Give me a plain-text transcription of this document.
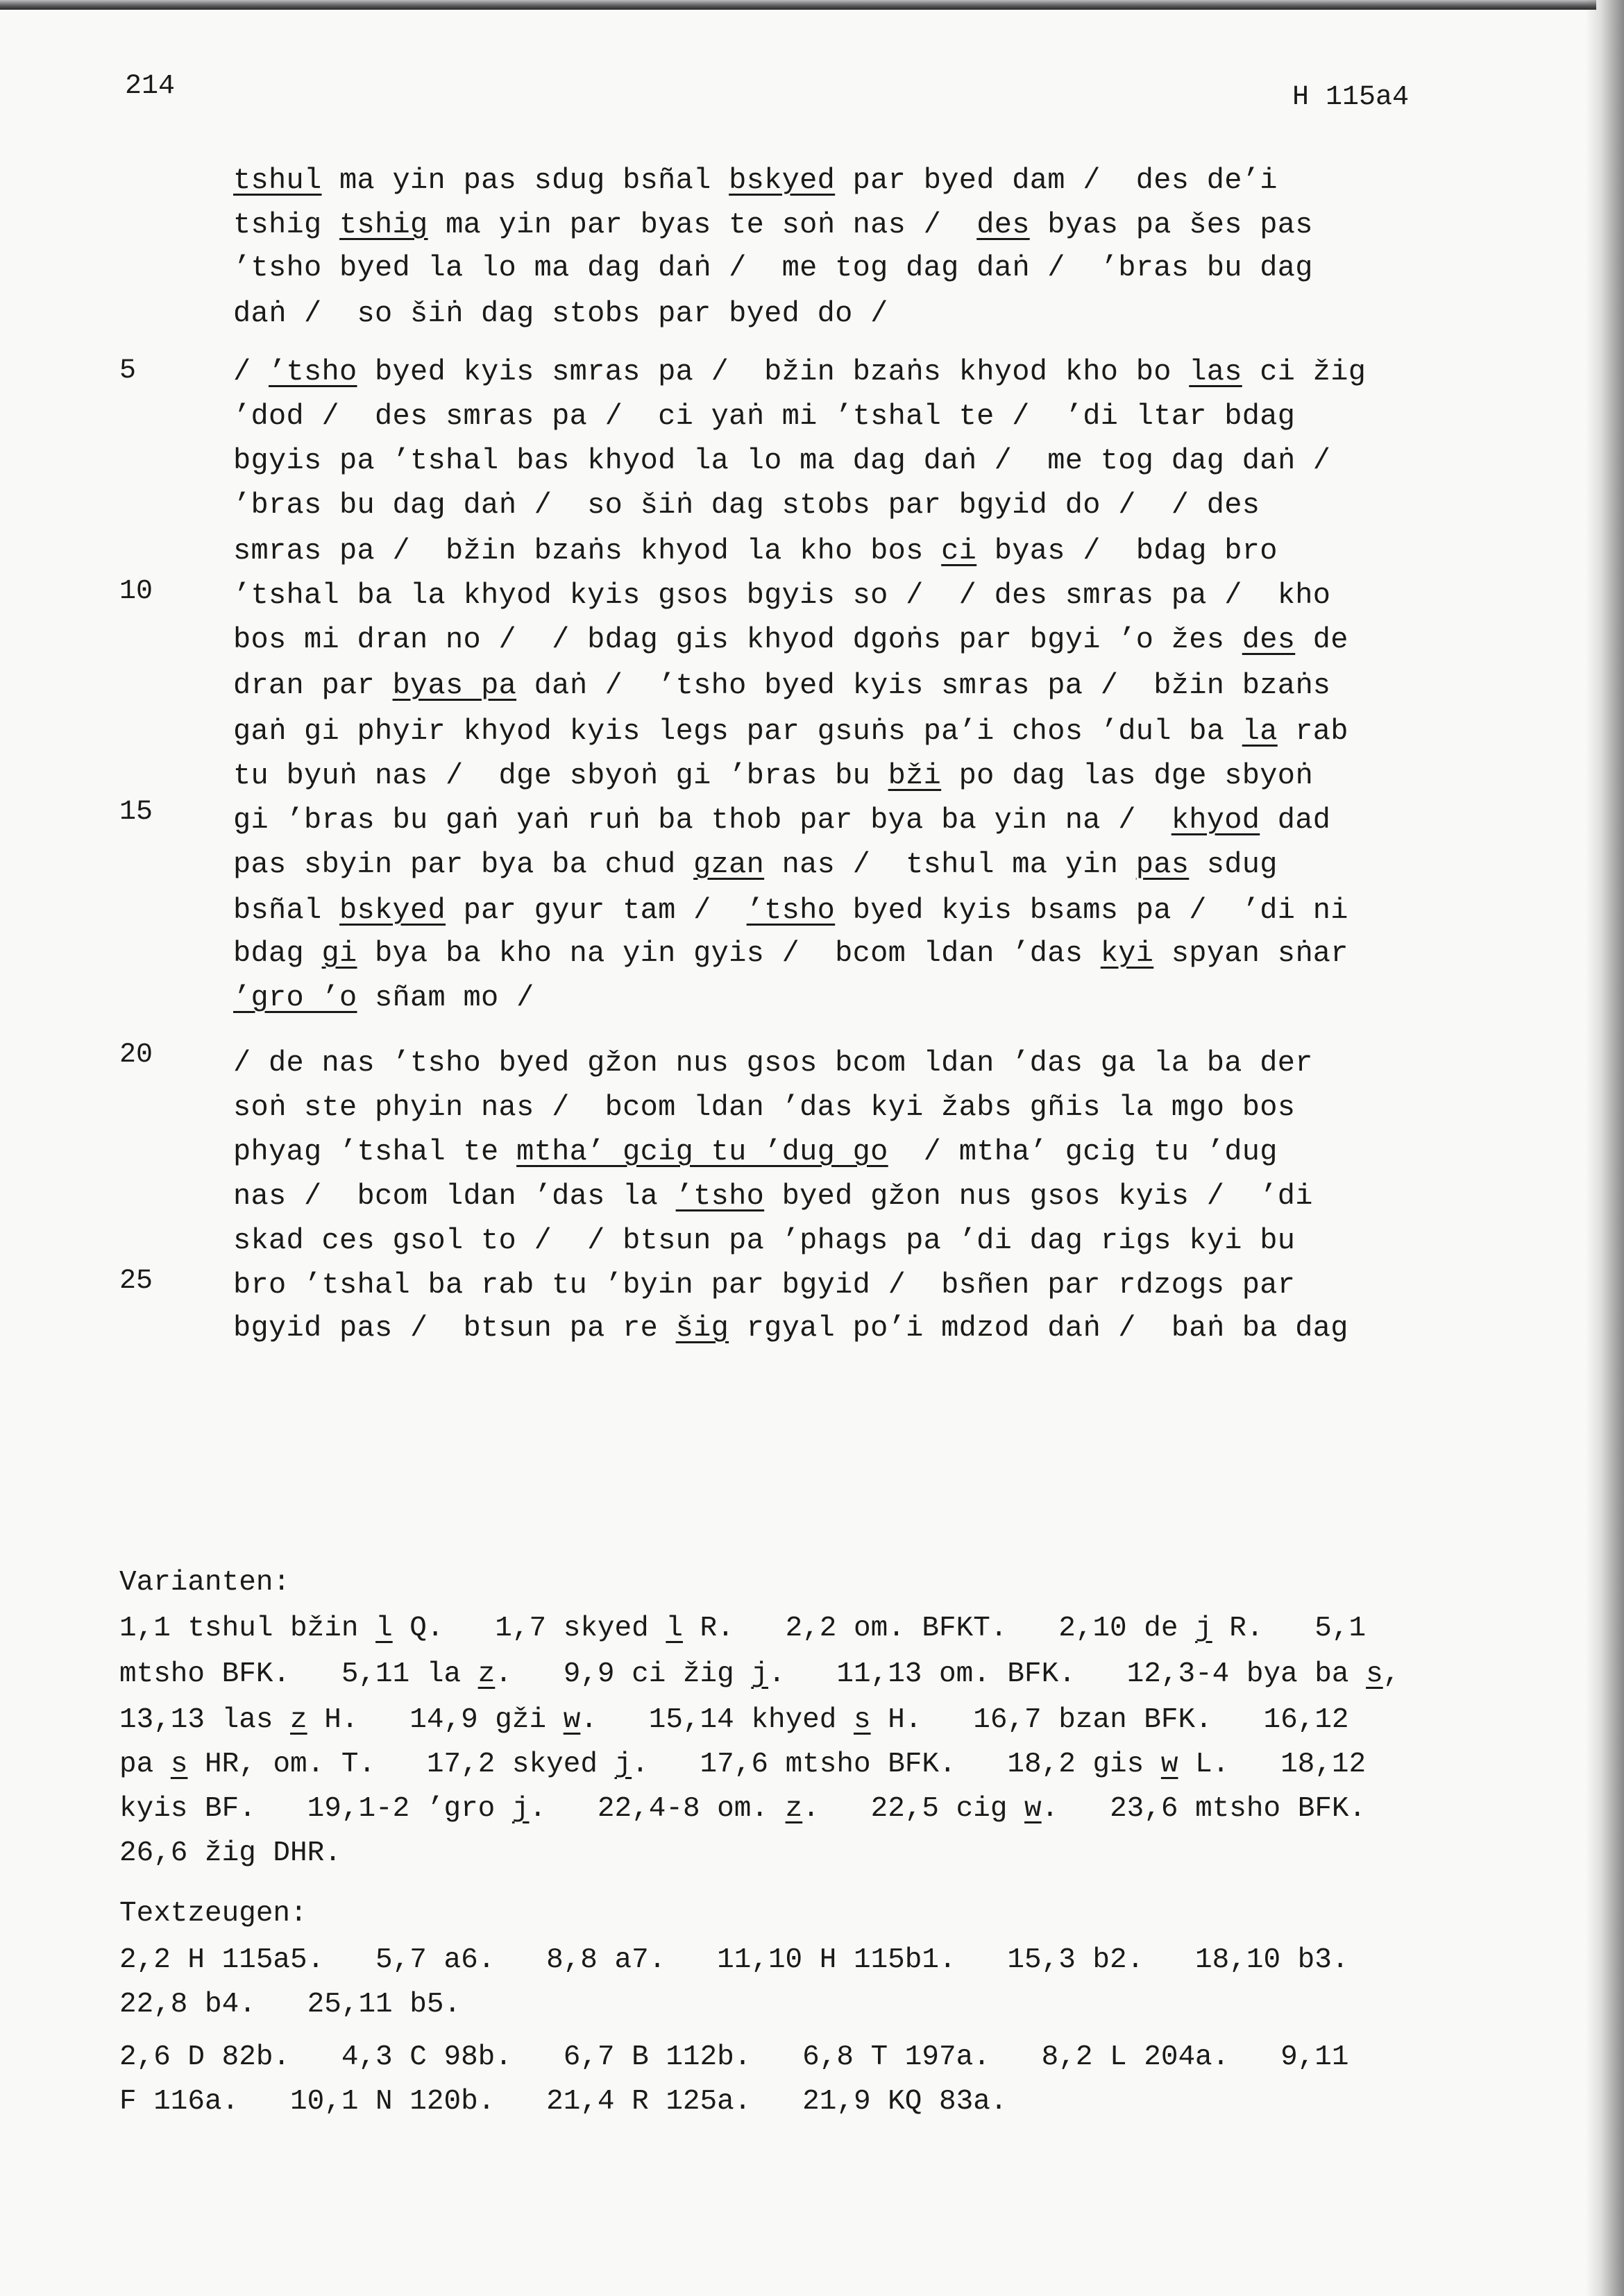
214	H 115a4
tshul ma yin pas sdug bsñal bskyed par byed dam /  des de’i
tshig tshig ma yin par byas te soṅ nas /  des byas pa šes pas
’tsho byed la lo ma dag daṅ /  me tog dag daṅ /  ’bras bu dag
daṅ /  so šiṅ dag stobs par byed do /
/ ’tsho byed kyis smras pa /  bžin bzaṅs khyod kho bo las ci žig
’dod /  des smras pa /  ci yaṅ mi ’tshal te /  ’di ltar bdag
bgyis pa ’tshal bas khyod la lo ma dag daṅ /  me tog dag daṅ /
’bras bu dag daṅ /  so šiṅ dag stobs par bgyid do /  / des
smras pa /  bžin bzaṅs khyod la kho bos ci byas /  bdag bro
’tshal ba la khyod kyis gsos bgyis so /  / des smras pa /  kho
bos mi dran no /  / bdag gis khyod dgoṅs par bgyi ’o žes des de
dran par byas pa daṅ /  ’tsho byed kyis smras pa /  bžin bzaṅs
gaṅ gi phyir khyod kyis legs par gsuṅs pa’i chos ’dul ba la rab
tu byuṅ nas /  dge sbyoṅ gi ’bras bu bži po dag las dge sbyoṅ
gi ’bras bu gaṅ yaṅ ruṅ ba thob par bya ba yin na /  khyod dad
pas sbyin par bya ba chud gzan nas /  tshul ma yin pas sdug
bsñal bskyed par gyur tam /  ’tsho byed kyis bsams pa /  ’di ni
bdag gi bya ba kho na yin gyis /  bcom ldan ’das kyi spyan sṅar
’gro ’o sñam mo /
/ de nas ’tsho byed gžon nus gsos bcom ldan ’das ga la ba der
soṅ ste phyin nas /  bcom ldan ’das kyi žabs gñis la mgo bos
phyag ’tshal te mtha’ gcig tu ’dug go  / mtha’ gcig tu ’dug
nas /  bcom ldan ’das la ’tsho byed gžon nus gsos kyis /  ’di
skad ces gsol to /  / btsun pa ’phags pa ’di dag rigs kyi bu
bro ’tshal ba rab tu ’byin par bgyid /  bsñen par rdzogs par
bgyid pas /  btsun pa re šig rgyal po’i mdzod daṅ /  baṅ ba dag
5
10
15
20
25
Varianten:
1,1 tshul bžin l Q.   1,7 skyed l R.   2,2 om. BFKT.   2,10 de j R.   5,1
mtsho BFK.   5,11 la z.   9,9 ci žig j.   11,13 om. BFK.   12,3-4 bya ba s,
13,13 las z H.   14,9 gži w.   15,14 khyed s H.   16,7 bzan BFK.   16,12
pa s HR, om. T.   17,2 skyed j.   17,6 mtsho BFK.   18,2 gis w L.   18,12
kyis BF.   19,1-2 ’gro j.   22,4-8 om. z.   22,5 cig w.   23,6 mtsho BFK.
26,6 žig DHR.
Textzeugen:
2,2 H 115a5.   5,7 a6.   8,8 a7.   11,10 H 115b1.   15,3 b2.   18,10 b3.
22,8 b4.   25,11 b5.
2,6 D 82b.   4,3 C 98b.   6,7 B 112b.   6,8 T 197a.   8,2 L 204a.   9,11
F 116a.   10,1 N 120b.   21,4 R 125a.   21,9 KQ 83a.
